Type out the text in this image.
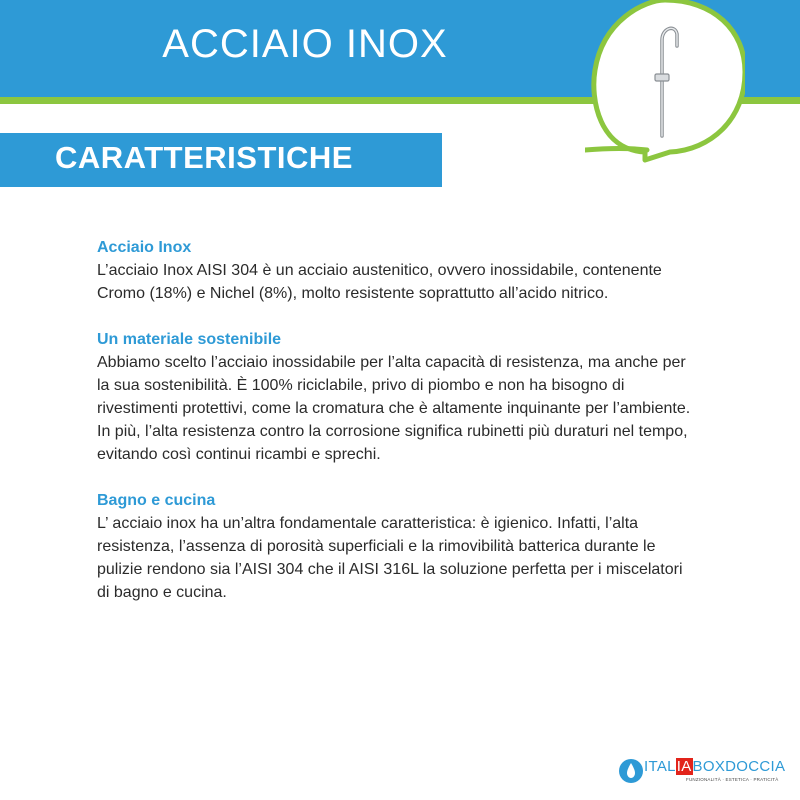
ACCIAIO INOX
CARATTERISTICHE
Acciaio Inox

L’acciaio Inox AISI 304 è un acciaio austenitico, ovvero inossidabile, contenente Cromo (18%) e Nichel (8%), molto resistente soprattutto all’acido nitrico.

Un materiale sostenibile

Abbiamo scelto l’acciaio inossidabile per l’alta capacità di resistenza, ma anche per la sua sostenibilità. È 100% riciclabile, privo di piombo e non ha bisogno di rivestimenti protettivi, come la cromatura che è altamente inquinante per l’ambiente. In più, l’alta resistenza contro la corrosione significa rubinetti più duraturi nel tempo, evitando così continui ricambi e sprechi.

Bagno e cucina

L’ acciaio inox ha un’altra fondamentale caratteristica: è igienico. Infatti, l’alta resistenza, l’assenza di porosità superficiali e la rimovibilità batterica durante le pulizie rendono sia l’AISI 304 che il AISI 316L la soluzione perfetta per i miscelatori di bagno e cucina.

ITALIABOXDOCCIA
FUNZIONALITÀ · ESTETICA · PRATICITÀ
